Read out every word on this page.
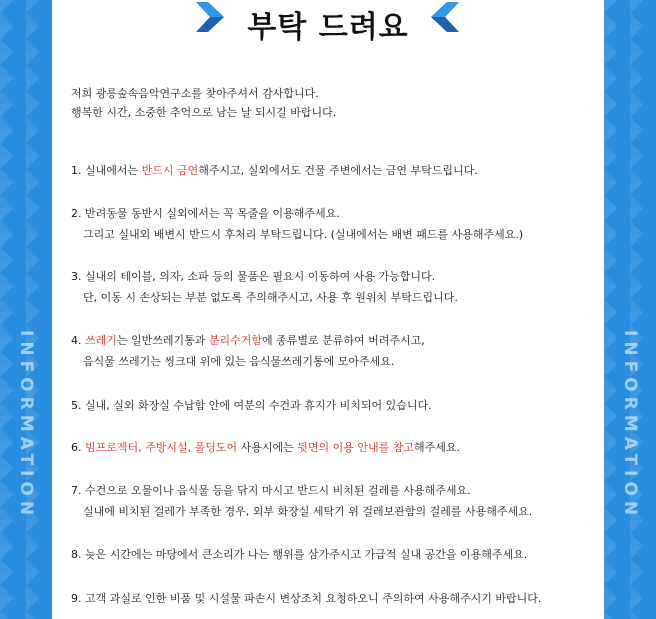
INFORMATION	INFORMATION
부탁 드려요
저희 광릉숲속음악연구소를 찾아주셔서 감사합니다.
행복한 시간, 소중한 추억으로 남는 날 되시길 바랍니다.
1. 실내에서는 반드시 금연해주시고, 실외에서도 건물 주변에서는 금연 부탁드립니다.
2. 반려동물 동반시 실외에서는 꼭 목줄을 이용해주세요.
그리고 실내외 배변시 반드시 후처리 부탁드립니다. (실내에서는 배변 패드를 사용해주세요.)
3. 실내의 테이블, 의자, 소파 등의 물품은 필요시 이동하여 사용 가능합니다.
단, 이동 시 손상되는 부분 없도록 주의해주시고, 사용 후 원위치 부탁드립니다.
4. 쓰레기는 일반쓰레기통과 분리수거함에 종류별로 분류하여 버려주시고,
음식물 쓰레기는 씽크대 위에 있는 음식물쓰레기통에 모아주세요.
5. 실내, 실외 화장실 수납함 안에 여분의 수건과 휴지가 비치되어 있습니다.
6. 빔프로젝터, 주방시설, 폴딩도어 사용시에는 뒷면의 이용 안내를 참고해주세요.
7. 수건으로 오물이나 음식물 등을 닦지 마시고 반드시 비치된 걸레를 사용해주세요.
실내에 비치된 걸레가 부족한 경우, 외부 화장실 세탁기 위 걸레보관함의 걸레를 사용해주세요.
8. 늦은 시간에는 마당에서 큰소리가 나는 행위를 삼가주시고 가급적 실내 공간을 이용해주세요.
9. 고객 과실로 인한 비품 및 시설물 파손시 변상조치 요청하오니 주의하여 사용해주시기 바랍니다.
